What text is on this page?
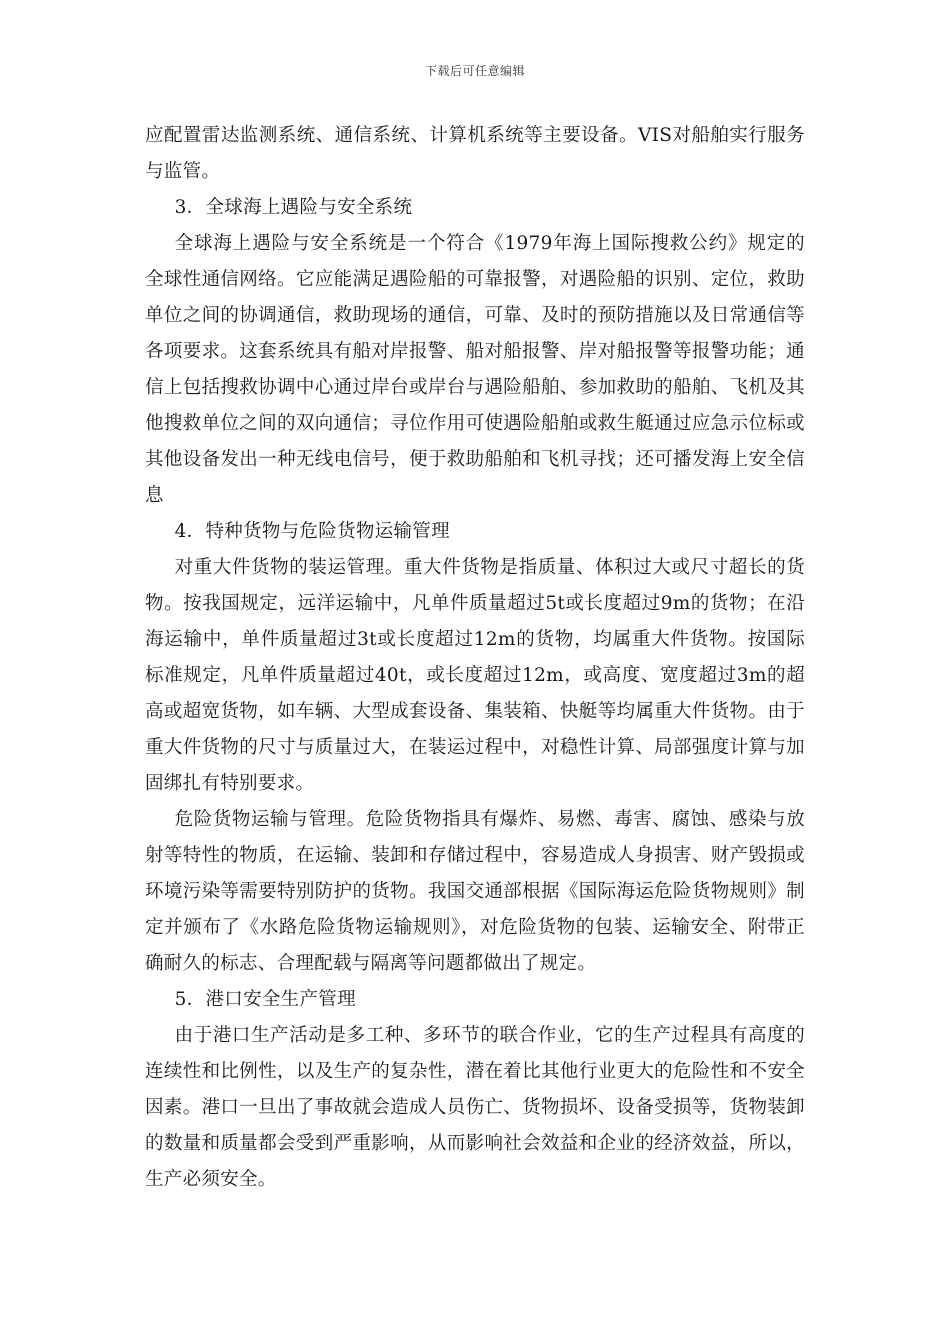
下载后可任意编辑

应配置雷达监测系统、通信系统、计算机系统等主要设备。VIS对船舶实行服务与监管。

3．全球海上遇险与安全系统

全球海上遇险与安全系统是一个符合《1979年海上国际搜救公约》规定的全球性通信网络。它应能满足遇险船的可靠报警，对遇险船的识别、定位，救助单位之间的协调通信，救助现场的通信，可靠、及时的预防措施以及日常通信等各项要求。这套系统具有船对岸报警、船对船报警、岸对船报警等报警功能；通信上包括搜救协调中心通过岸台或岸台与遇险船舶、参加救助的船舶、飞机及其他搜救单位之间的双向通信；寻位作用可使遇险船舶或救生艇通过应急示位标或其他设备发出一种无线电信号，便于救助船舶和飞机寻找；还可播发海上安全信息

4．特种货物与危险货物运输管理

对重大件货物的装运管理。重大件货物是指质量、体积过大或尺寸超长的货物。按我国规定，远洋运输中，凡单件质量超过5t或长度超过9m的货物；在沿海运输中，单件质量超过3t或长度超过12m的货物，均属重大件货物。按国际标准规定，凡单件质量超过40t，或长度超过12m，或高度、宽度超过3m的超高或超宽货物，如车辆、大型成套设备、集装箱、快艇等均属重大件货物。由于重大件货物的尺寸与质量过大，在装运过程中，对稳性计算、局部强度计算与加固绑扎有特别要求。

危险货物运输与管理。危险货物指具有爆炸、易燃、毒害、腐蚀、感染与放射等特性的物质，在运输、装卸和存储过程中，容易造成人身损害、财产毁损或环境污染等需要特别防护的货物。我国交通部根据《国际海运危险货物规则》制定并颁布了《水路危险货物运输规则》，对危险货物的包装、运输安全、附带正确耐久的标志、合理配载与隔离等问题都做出了规定。

5．港口安全生产管理

由于港口生产活动是多工种、多环节的联合作业，它的生产过程具有高度的连续性和比例性，以及生产的复杂性，潜在着比其他行业更大的危险性和不安全因素。港口一旦出了事故就会造成人员伤亡、货物损坏、设备受损等，货物装卸的数量和质量都会受到严重影响，从而影响社会效益和企业的经济效益，所以，生产必须安全。
